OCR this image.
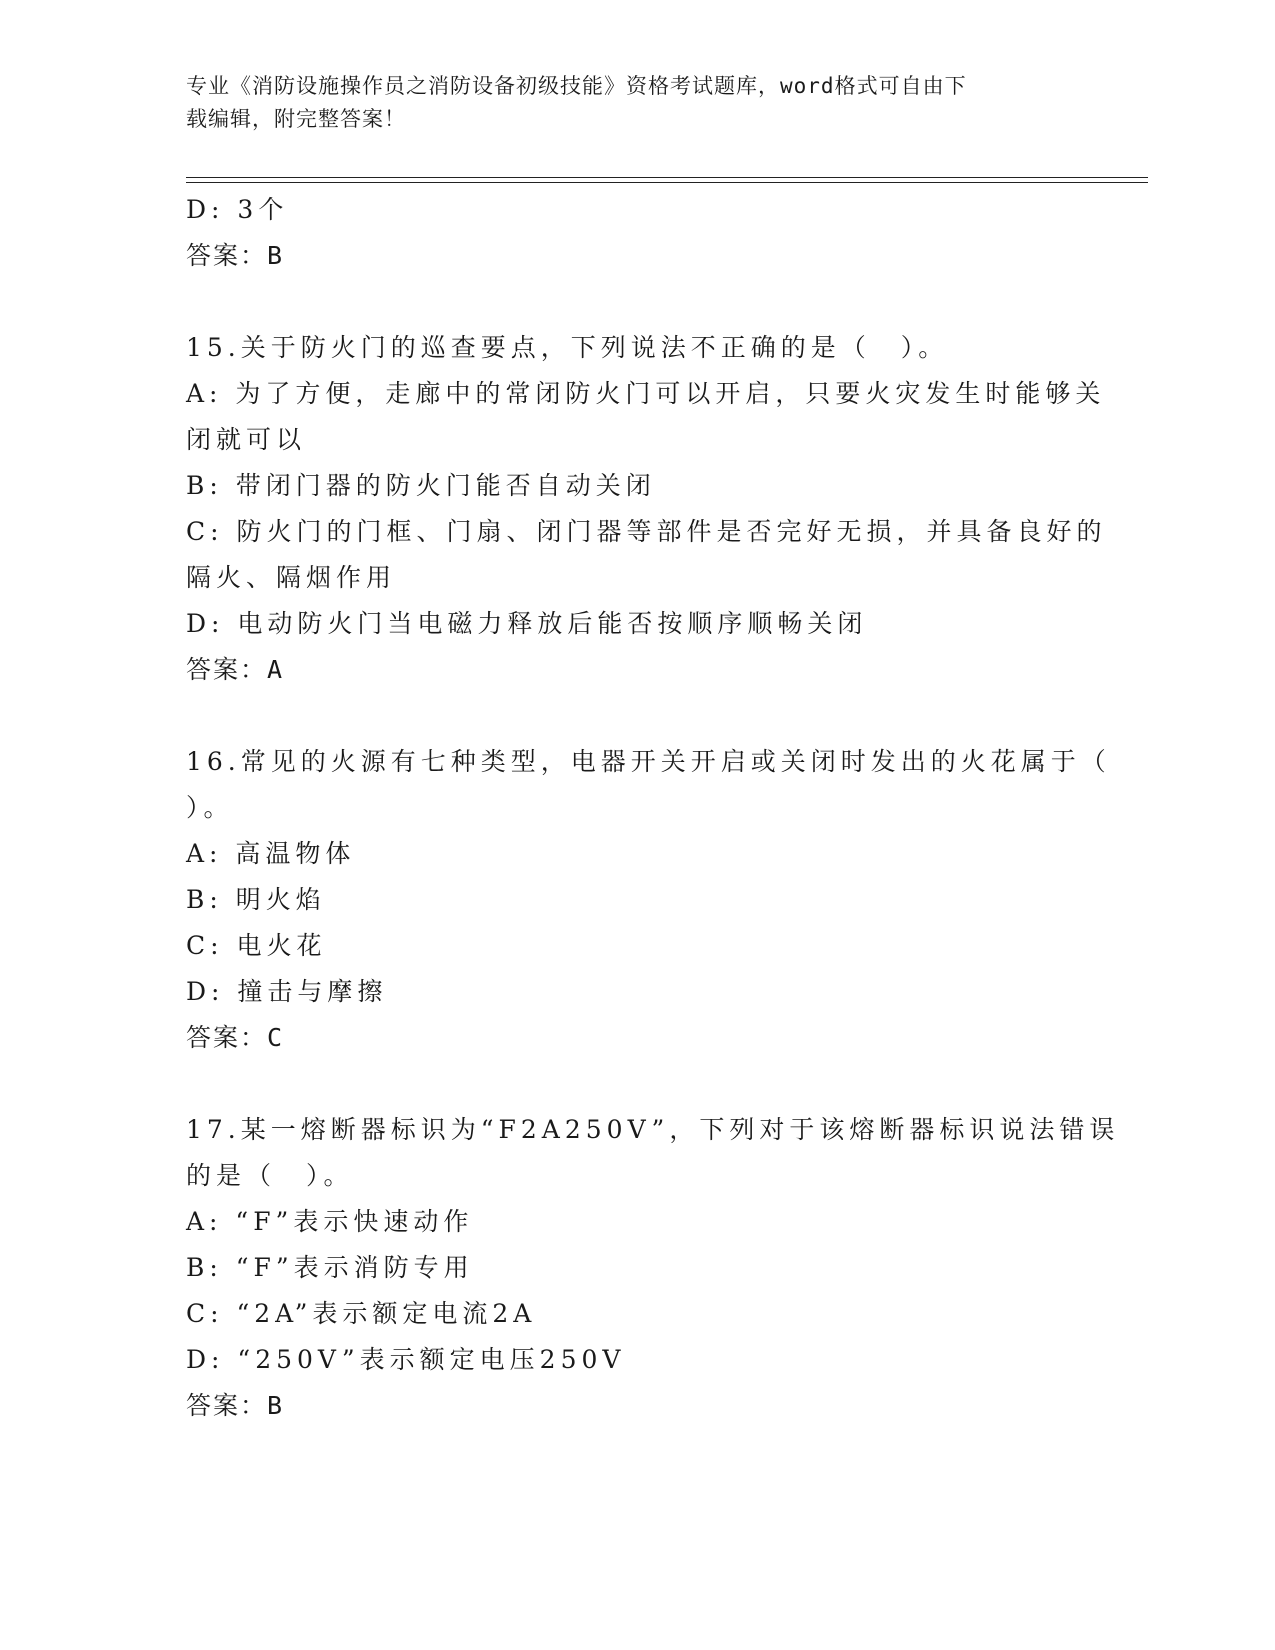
专业《消防设施操作员之消防设备初级技能》资格考试题库，word格式可自由下
载编辑，附完整答案！
D: 3个
答案：B
15.关于防火门的巡查要点，下列说法不正确的是（　）。
A: 为了方便，走廊中的常闭防火门可以开启，只要火灾发生时能够关
闭就可以
B: 带闭门器的防火门能否自动关闭
C: 防火门的门框、门扇、闭门器等部件是否完好无损，并具备良好的
隔火、隔烟作用
D: 电动防火门当电磁力释放后能否按顺序顺畅关闭
答案：A
16.常见的火源有七种类型，电器开关开启或关闭时发出的火花属于（
）。
A: 高温物体
B: 明火焰
C: 电火花
D: 撞击与摩擦
答案：C
17.某一熔断器标识为“F2A250V”，下列对于该熔断器标识说法错误
的是（　）。
A: “F”表示快速动作
B: “F”表示消防专用
C: “2A”表示额定电流2A
D: “250V”表示额定电压250V
答案：B
